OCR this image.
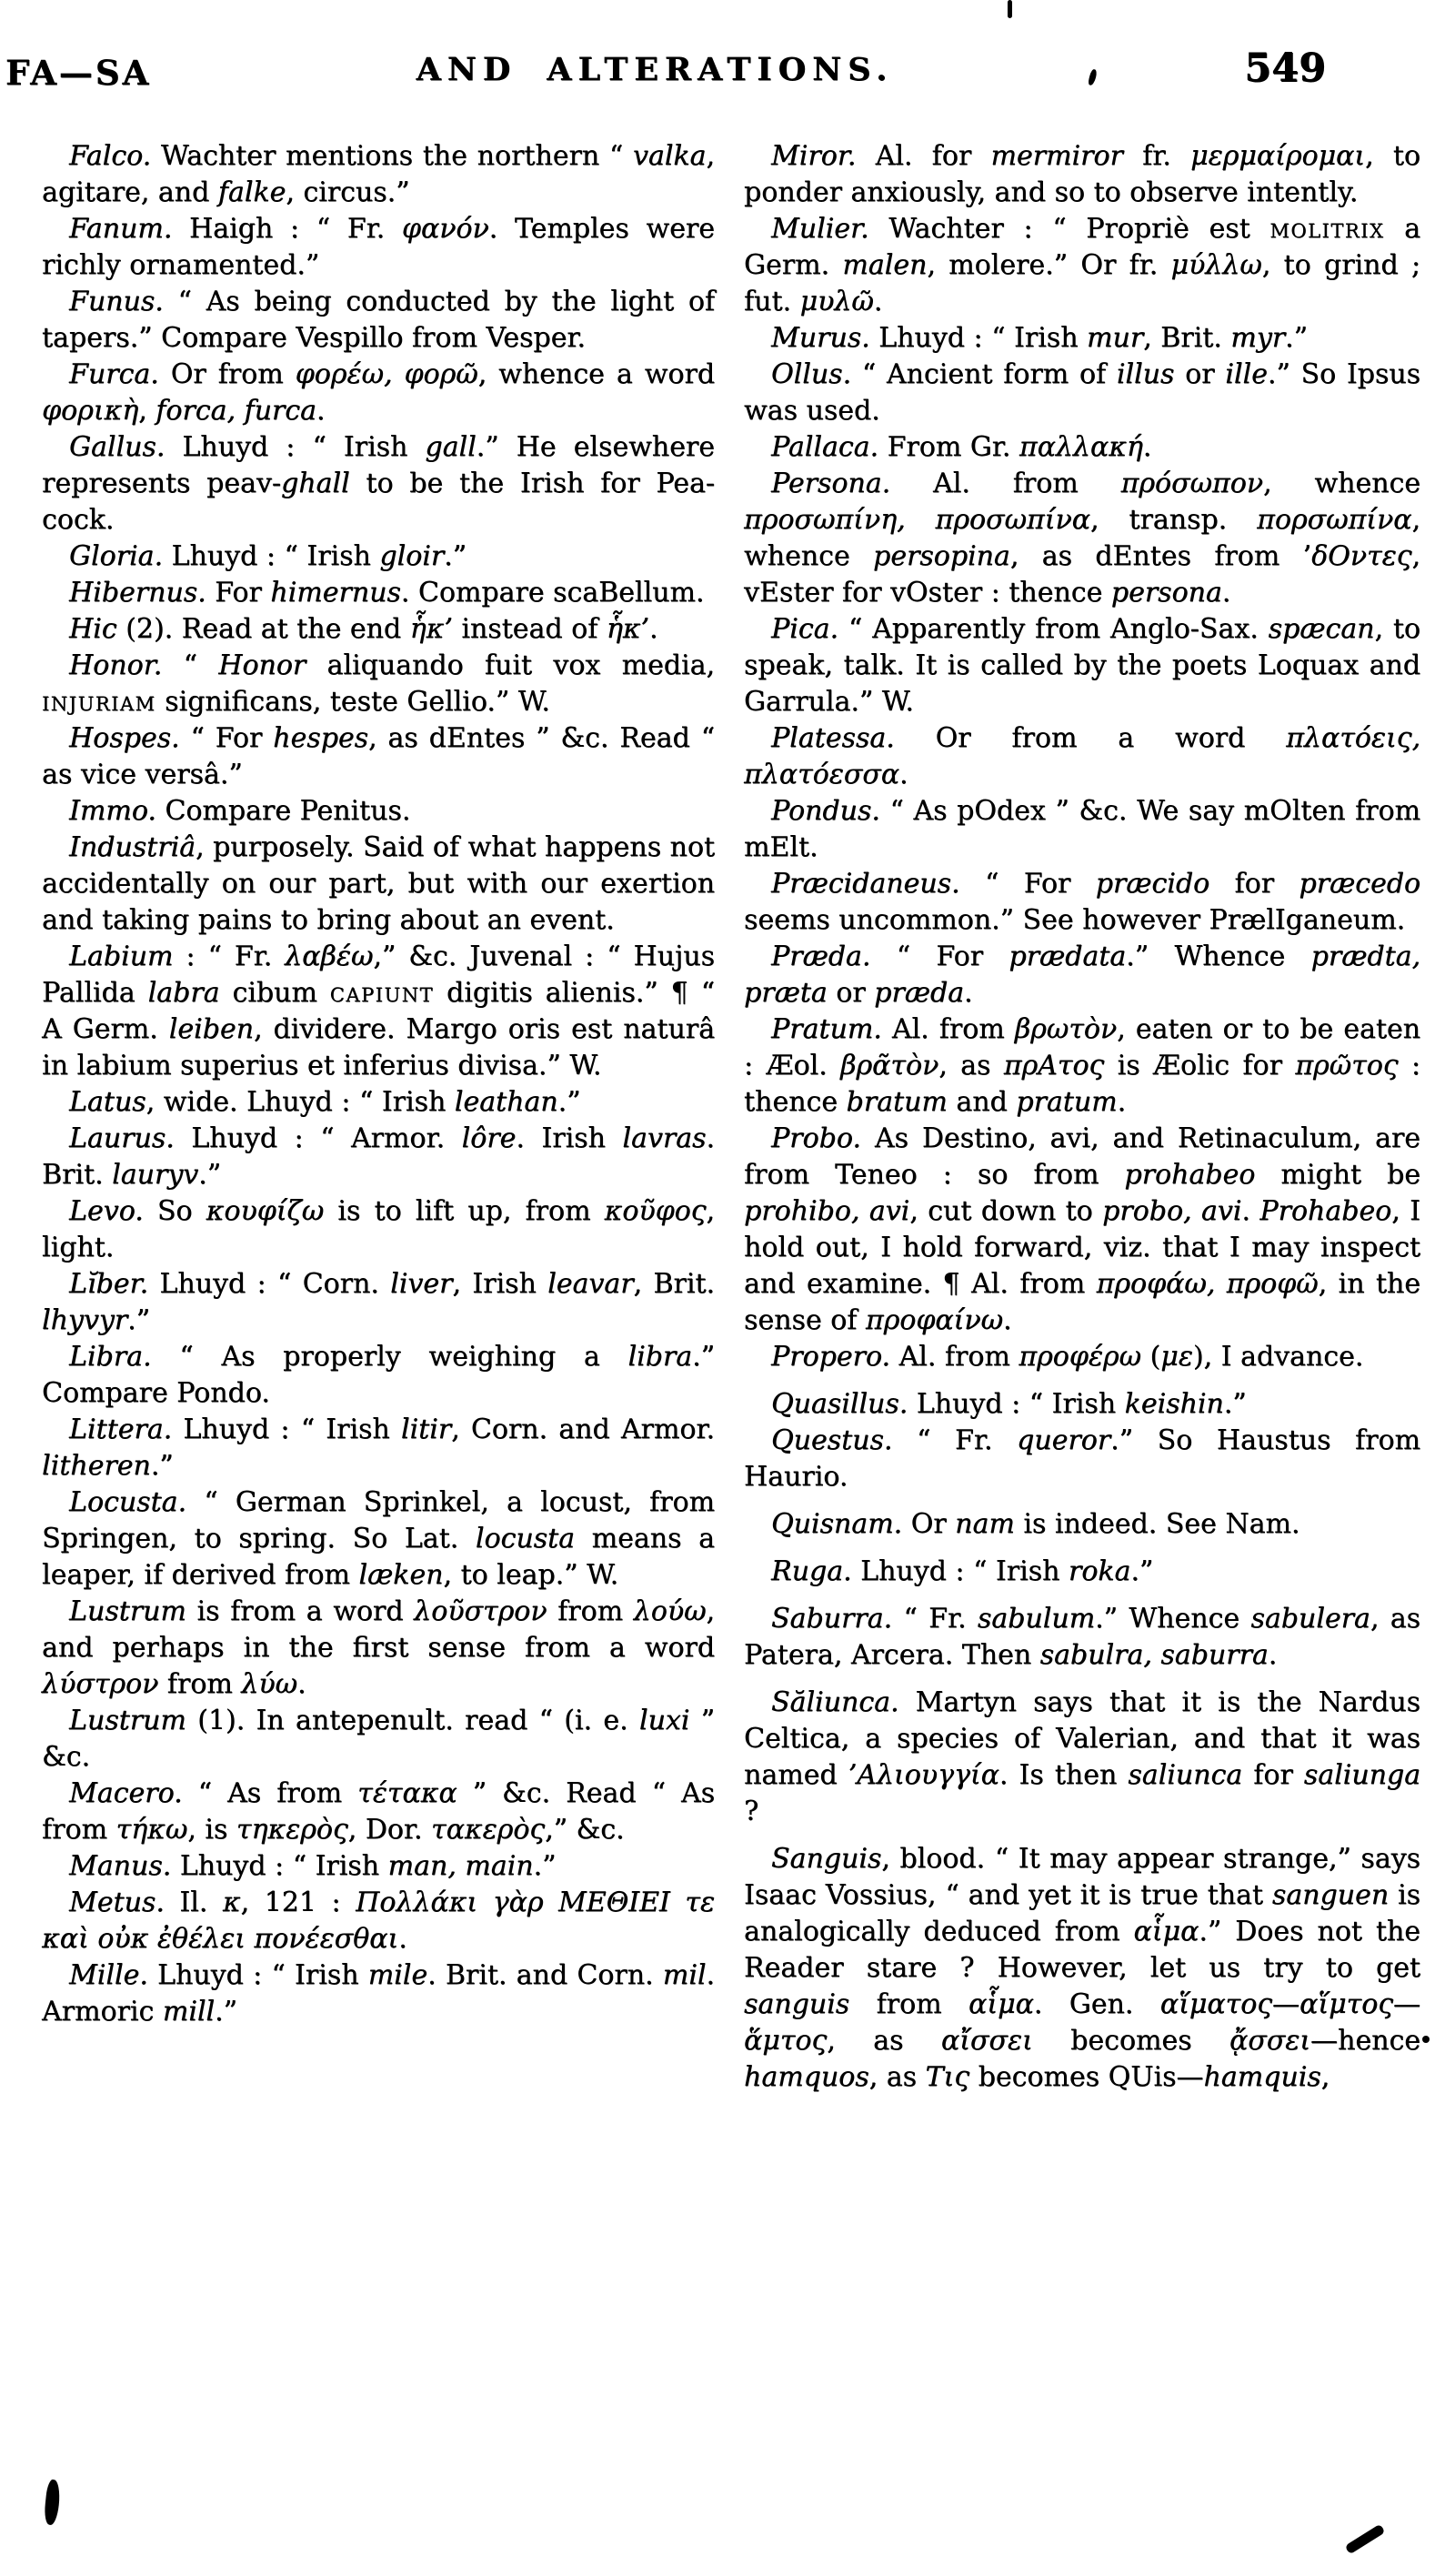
FA—SA	AND ALTERATIONS.	549

Falco. Wachter mentions the northern “ valka, agitare, and falke, circus.”

Fanum. Haigh : “ Fr. φανόν. Temples were richly ornamented.”

Funus. “ As being conducted by the light of tapers.” Compare Vespillo from Vesper.

Furca. Or from φορέω, φορῶ, whence a word φορικὴ, forca, furca.

Gallus. Lhuyd : “ Irish gall.” He elsewhere represents peav-ghall to be the Irish for Pea-cock.

Gloria. Lhuyd : “ Irish gloir.”

Hibernus. For himernus. Compare scaBellum.

Hic (2). Read at the end ἧκ’ instead of ἧκ’.

Honor. “ Honor aliquando fuit vox media, injuriam significans, teste Gellio.” W.

Hospes. “ For hespes, as dEntes ” &c. Read “ as vice versâ.”

Immo. Compare Penitus.

Industriâ, purposely. Said of what happens not accidentally on our part, but with our exertion and taking pains to bring about an event.

Labium : “ Fr. λαβέω,” &c. Juvenal : “ Hujus Pallida labra cibum capiunt digitis alienis.” ¶ “ A Germ. leiben, dividere. Margo oris est naturâ in labium superius et inferius divisa.” W.

Latus, wide. Lhuyd : “ Irish leathan.”

Laurus. Lhuyd : “ Armor. lôre. Irish lavras. Brit. lauryv.”

Levo. So κουφίζω is to lift up, from κοῦφος, light.

Lĭber. Lhuyd : “ Corn. liver, Irish leavar, Brit. lhyvyr.”

Libra. “ As properly weighing a libra.” Compare Pondo.

Littera. Lhuyd : “ Irish litir, Corn. and Armor. litheren.”

Locusta. “ German Sprinkel, a locust, from Springen, to spring. So Lat. locusta means a leaper, if derived from læken, to leap.” W.

Lustrum is from a word λοῦστρον from λούω, and perhaps in the first sense from a word λύστρον from λύω.

Lustrum (1). In antepenult. read “ (i. e. luxi ” &c.

Macero. “ As from τέτακα ” &c. Read “ As from τήκω, is τηκερὸς, Dor. τακερὸς,” &c.

Manus. Lhuyd : “ Irish man, main.”

Metus. Il. κ, 121 : Πολλάκι γὰρ ΜΕΘΙΕΙ τε καὶ οὐκ ἐθέλει πονέεσθαι.

Mille. Lhuyd : “ Irish mile. Brit. and Corn. mil. Armoric mill.”

Miror. Al. for mermiror fr. μερμαίρομαι, to ponder anxiously, and so to observe intently.

Mulier. Wachter : “ Propriè est molitrix a Germ. malen, molere.” Or fr. μύλλω, to grind ; fut. μυλῶ.

Murus. Lhuyd : “ Irish mur, Brit. myr.”

Ollus. “ Ancient form of illus or ille.” So Ipsus was used.

Pallaca. From Gr. παλλακή.

Persona. Al. from πρόσωπον, whence προσωπίνη, προσωπίνα, transp. πορσωπίνα, whence persopina, as dEntes from ’δΟντες, vEster for vOster : thence persona.

Pica. “ Apparently from Anglo-Sax. spæcan, to speak, talk. It is called by the poets Loquax and Garrula.” W.

Platessa. Or from a word πλατόεις, πλατόεσσα.

Pondus. “ As pOdex ” &c. We say mOlten from mElt.

Præcidaneus. “ For præcido for præcedo seems uncommon.” See however PrælIganeum.

Præda. “ For prædata.” Whence prædta, præta or præda.

Pratum. Al. from βρωτὸν, eaten or to be eaten : Æol. βρᾶτὸν, as πρΑτος is Æolic for πρῶτος : thence bratum and pratum.

Probo. As Destino, avi, and Retinaculum, are from Teneo : so from prohabeo might be prohibo, avi, cut down to probo, avi. Prohabeo, I hold out, I hold forward, viz. that I may inspect and examine. ¶ Al. from προφάω, προφῶ, in the sense of προφαίνω.

Propero. Al. from προφέρω (με), I advance.

Quasillus. Lhuyd : “ Irish keishin.”

Questus. “ Fr. queror.” So Haustus from Haurio.

Quisnam. Or nam is indeed. See Nam.

Ruga. Lhuyd : “ Irish roka.”

Saburra. “ Fr. sabulum.” Whence sabulera, as Patera, Arcera. Then sabulra, saburra.

Săliunca. Martyn says that it is the Nardus Celtica, a species of Valerian, and that it was named ’Αλιουγγία. Is then saliunca for saliunga ?

Sanguis, blood. “ It may appear strange,” says Isaac Vossius, “ and yet it is true that sanguen is analogically deduced from αἷμα.” Does not the Reader stare ? However, let us try to get sanguis from αἷμα. Gen. αἵματος—αἵμτος—ἅμτος, as αἴσσει becomes ᾄσσει—hence hamquos, as Τις becomes QUis—hamquis,
